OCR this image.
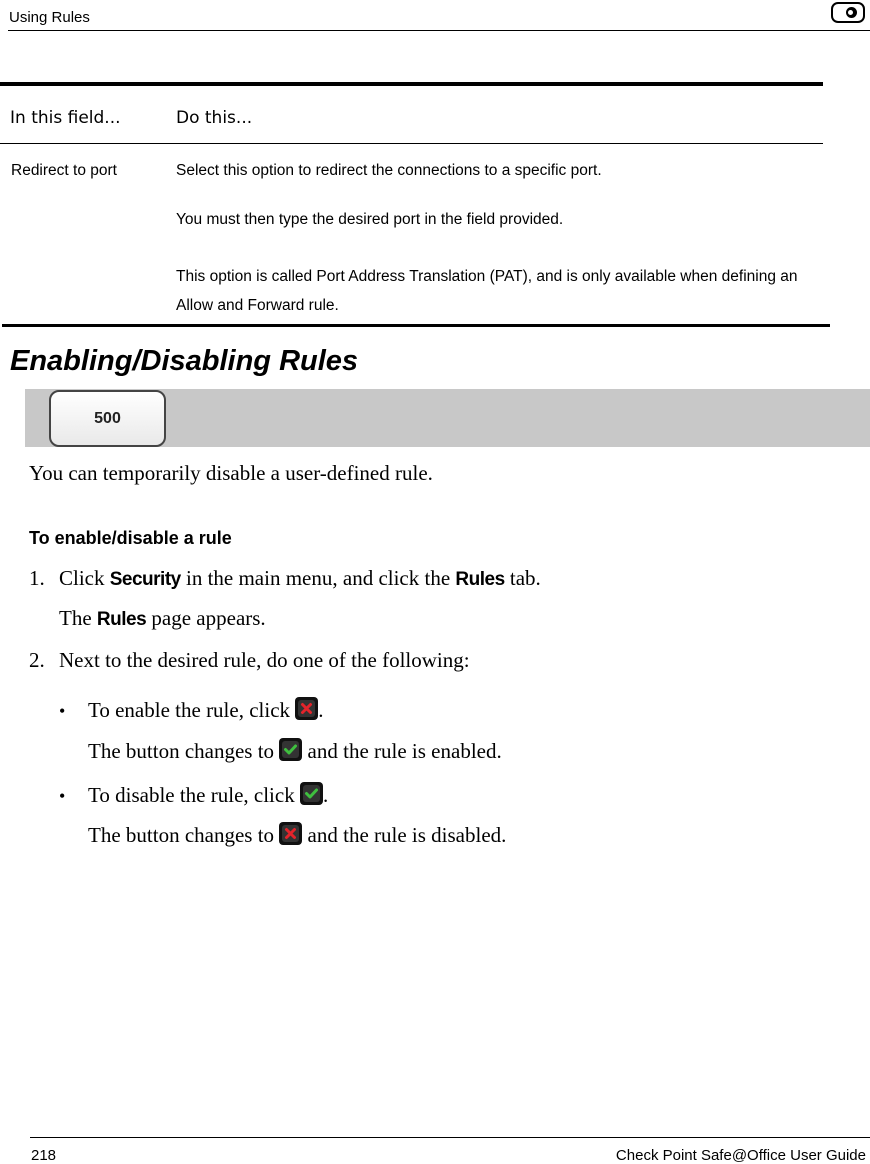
Using Rules
In this field...	Do this...
Redirect to port	Select this option to redirect the connections to a specific port.
You must then type the desired port in the field provided.
This option is called Port Address Translation (PAT), and is only available when defining an Allow and Forward rule.
Enabling/Disabling Rules
500
You can temporarily disable a user-defined rule.
To enable/disable a rule
1. Click Security in the main menu, and click the Rules tab.
The Rules page appears.
2. Next to the desired rule, do one of the following:
• To enable the rule, click
.
The button changes to
and the rule is enabled.
• To disable the rule, click
.
The button changes to
and the rule is disabled.
218	Check Point Safe@Office User Guide
